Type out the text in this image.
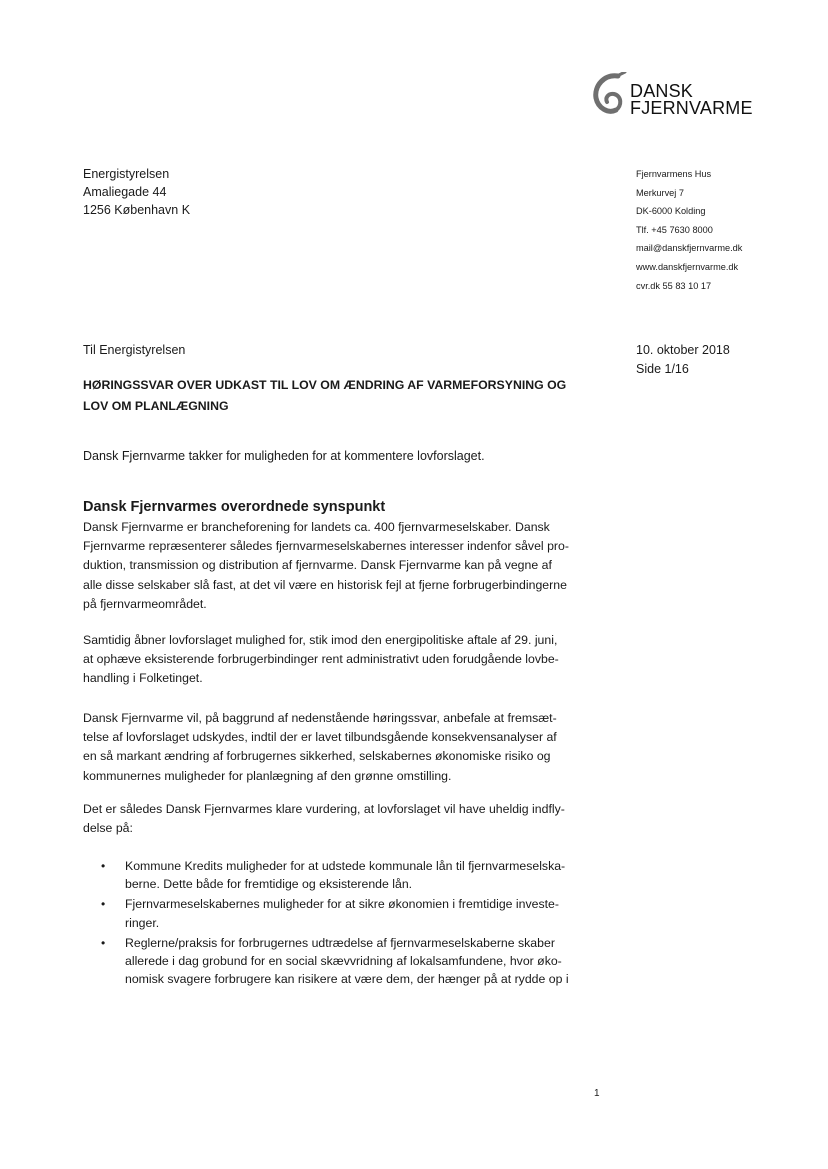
DANSK
FJERNVARME
Energistyrelsen
Amaliegade 44
1256 København K
Fjernvarmens Hus
Merkurvej 7
DK-6000 Kolding
Tlf. +45 7630 8000
mail@danskfjernvarme.dk
www.danskfjernvarme.dk
cvr.dk 55 83 10 17
Til Energistyrelsen	10. oktober 2018
Side 1/16
HØRINGSSVAR OVER UDKAST TIL LOV OM ÆNDRING AF VARMEFORSYNING OG
LOV OM PLANLÆGNING
Dansk Fjernvarme takker for muligheden for at kommentere lovforslaget.
Dansk Fjernvarmes overordnede synspunkt
Dansk Fjernvarme er brancheforening for landets ca. 400 fjernvarmeselskaber. Dansk
Fjernvarme repræsenterer således fjernvarmeselskabernes interesser indenfor såvel pro-
duktion, transmission og distribution af fjernvarme. Dansk Fjernvarme kan på vegne af
alle disse selskaber slå fast, at det vil være en historisk fejl at fjerne forbrugerbindingerne
på fjernvarmeområdet.
Samtidig åbner lovforslaget mulighed for, stik imod den energipolitiske aftale af 29. juni,
at ophæve eksisterende forbrugerbindinger rent administrativt uden forudgående lovbe-
handling i Folketinget.
Dansk Fjernvarme vil, på baggrund af nedenstående høringssvar, anbefale at fremsæt-
telse af lovforslaget udskydes, indtil der er lavet tilbundsgående konsekvensanalyser af
en så markant ændring af forbrugernes sikkerhed, selskabernes økonomiske risiko og
kommunernes muligheder for planlægning af den grønne omstilling.
Det er således Dansk Fjernvarmes klare vurdering, at lovforslaget vil have uheldig indfly-
delse på:
• Kommune Kredits muligheder for at udstede kommunale lån til fjernvarmeselska-
berne. Dette både for fremtidige og eksisterende lån.
• Fjernvarmeselskabernes muligheder for at sikre økonomien i fremtidige investe-
ringer.
• Reglerne/praksis for forbrugernes udtrædelse af fjernvarmeselskaberne skaber
allerede i dag grobund for en social skævvridning af lokalsamfundene, hvor øko-
nomisk svagere forbrugere kan risikere at være dem, der hænger på at rydde op i
1
